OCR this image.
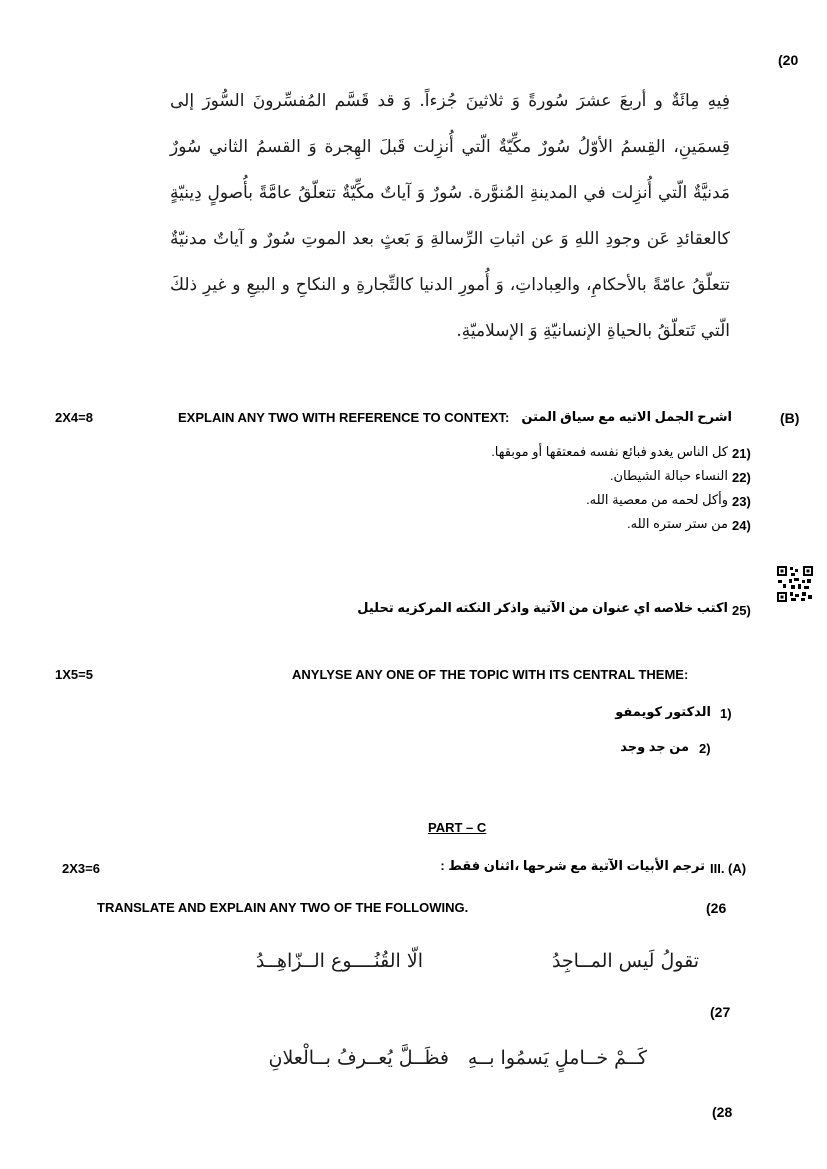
(20
فِيهِ مِائَةٌ و أربعَ عشرَ سُورةً وَ ثلاثينَ جُزءاً. وَ قد قَسَّم المُفسِّرونَ السُّورَ إلى قِسمَينِ، القِسمُ الأوّلُ سُورٌ مكِّيّةٌ الّتي أُنزِلت قَبلَ الهِجرة وَ القسمُ الثاني سُورٌ مَدنيَّةٌ الّتي أُنزِلت في المدينةِ المُنوَّرة. سُورٌ وَ آياتٌ مكِّيّةٌ تتعلّقُ عامَّةً بأُصولٍ دِينيّةٍ كالعقائدِ عَن وجودِ اللهِ وَ عن اثباتِ الرِّسالةِ وَ بَعثٍ بعد الموتِ سُورٌ و آياتٌ مدنيّةٌ تتعلّقُ عامّةً بالأحكامِ، والعِباداتِ، وَ أُمورِ الدنيا كالتِّجارةِ و النكاحِ و البيعِ و غيرِ ذلكَ الّتي تَتعلّقُ بالحياةِ الإنسانيّةِ وَ الإسلاميّةِ.
2X4=8	EXPLAIN ANY TWO WITH REFERENCE TO CONTEXT: اشرح الجمل الاتيه مع سياق المتن	(B)
21)
كل الناس يغدو فبائع نفسه فمعتقها أو موبقها.
22)
النساء حبالة الشيطان.
23)
وأكل لحمه من معصية الله.
24)
من ستر ستره الله.
25)
اكتب خلاصه اي عنوان من الآتية واذكر النكته المركزيه تحليل
1X5=5	ANYLYSE ANY ONE OF THE TOPIC WITH ITS CENTRAL THEME:
1)
الدكتور كويمفو
2)
من جد وجد
PART – C
2X3=6	ترجم الأبيات الآتية مع شرحها ،اثنان فقط : III. (A)
TRANSLATE AND EXPLAIN ANY TWO OF THE FOLLOWING.	(26
تقولُ لَيس المــاجِدُ
الّا القُنُــــوع الــزّاهِــدُ
(27
كَــمْ خــاملٍ يَسمُوا بــهِ
فظَــلَّ يُعــرفُ بــالْعلانِ
(28
